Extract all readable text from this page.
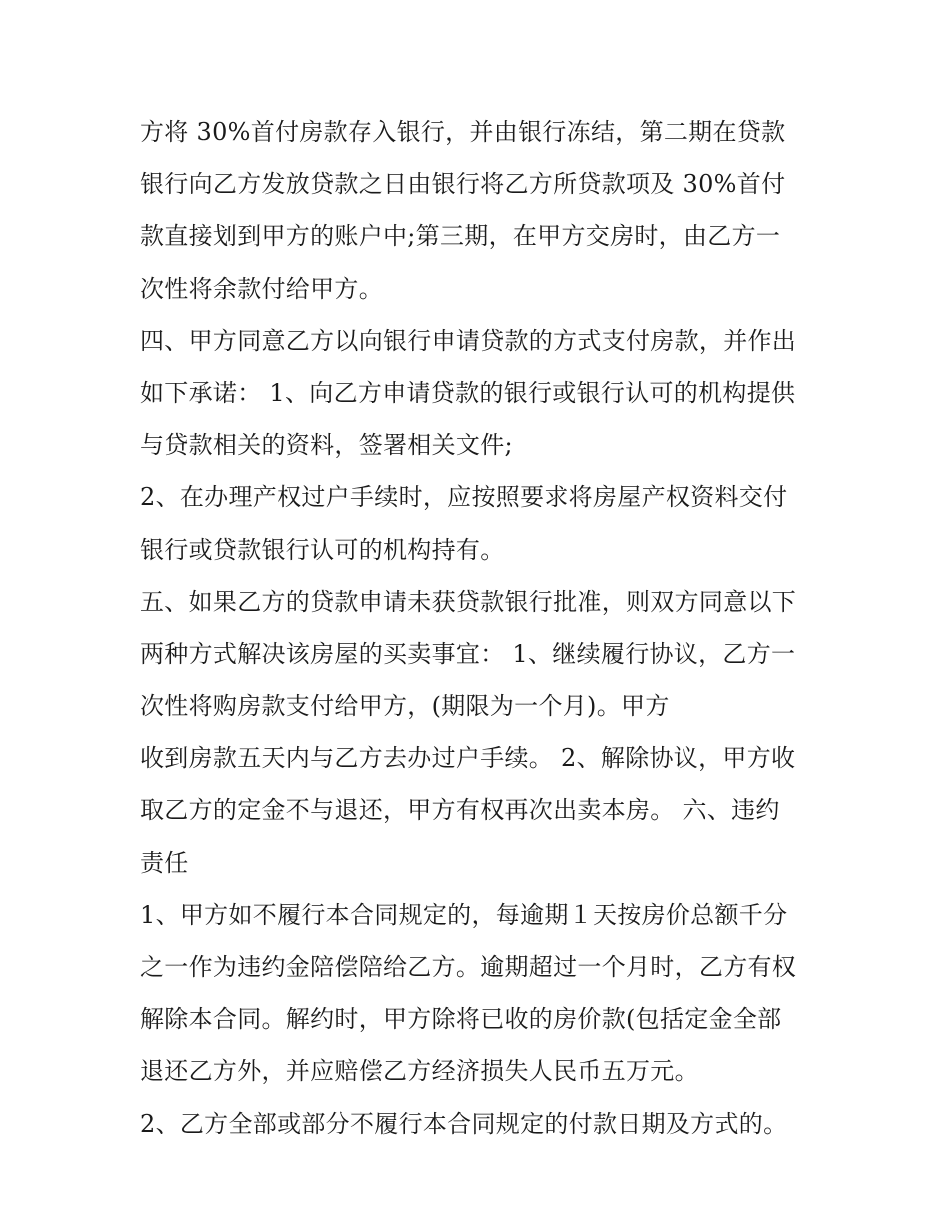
方将 30%首付房款存入银行，并由银行冻结，第二期在贷款
银行向乙方发放贷款之日由银行将乙方所贷款项及 30%首付
款直接划到甲方的账户中;第三期，在甲方交房时，由乙方一
次性将余款付给甲方。
四、甲方同意乙方以向银行申请贷款的方式支付房款，并作出
如下承诺： 1、向乙方申请贷款的银行或银行认可的机构提供
与贷款相关的资料，签署相关文件;
2、在办理产权过户手续时，应按照要求将房屋产权资料交付
银行或贷款银行认可的机构持有。
五、如果乙方的贷款申请未获贷款银行批准，则双方同意以下
两种方式解决该房屋的买卖事宜： 1、继续履行协议，乙方一
次性将购房款支付给甲方，(期限为一个月)。甲方
收到房款五天内与乙方去办过户手续。 2、解除协议，甲方收
取乙方的定金不与退还，甲方有权再次出卖本房。 六、违约
责任
1、甲方如不履行本合同规定的，每逾期１天按房价总额千分
之一作为违约金陪偿陪给乙方。逾期超过一个月时，乙方有权
解除本合同。解约时，甲方除将已收的房价款(包括定金全部
退还乙方外，并应赔偿乙方经济损失人民币五万元。
2、乙方全部或部分不履行本合同规定的付款日期及方式的。
